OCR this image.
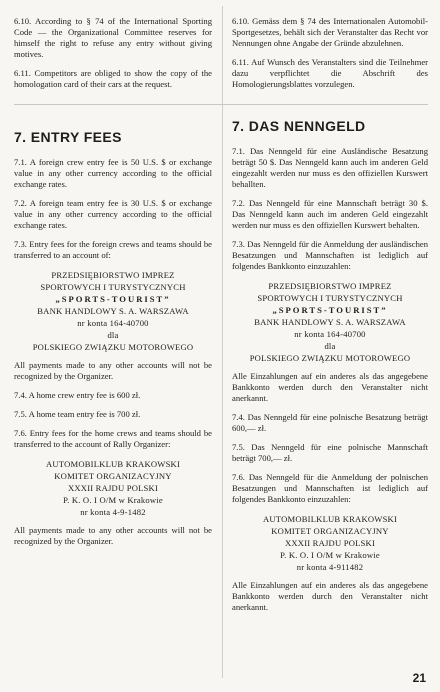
6.10. According to § 74 of the International Sporting Code — the Organizational Committee reserves for himself the right to refuse any entry without giving motives.

6.11. Competitors are obliged to show the copy of the homologation card of their cars at the request.

7. ENTRY FEES

7.1. A foreign crew entry fee is 50 U.S. $ or exchange value in any other currency according to the official exchange rates.

7.2. A foreign team entry fee is 30 U.S. $ or exchange value in any other currency according to the official exchange rates.

7.3. Entry fees for the foreign crews and teams should be transferred to an account of:

PRZEDSIĘBIORSTWO IMPREZ
SPORTOWYCH I TURYSTYCZNYCH
„SPORTS-TOURIST”
BANK HANDLOWY S. A. WARSZAWA
nr konta 164-40700
dla
POLSKIEGO ZWIĄZKU MOTOROWEGO

All payments made to any other accounts will not be recognized by the Organizer.

7.4. A home crew entry fee is 600 zł.

7.5. A home team entry fee is 700 zł.

7.6. Entry fees for the home crews and teams should be transferred to the account of Rally Organizer:

AUTOMOBILKLUB KRAKOWSKI
KOMITET ORGANIZACYJNY
XXXII RAJDU POLSKI
P. K. O. I O/M w Krakowie
nr konta 4-9-1482

All payments made to any other accounts will not be recognized by the Organizer.

6.10. Gemäss dem § 74 des Internationalen Automobil-Sportgesetzes, behält sich der Veranstalter das Recht vor Nennungen ohne Angabe der Gründe abzulehnen.

6.11. Auf Wunsch des Veranstalters sind die Teilnehmer dazu verpflichtet die Abschrift des Homologierungsblattes vorzulegen.

7. DAS NENNGELD

7.1. Das Nenngeld für eine Ausländische Besatzung beträgt 50 $. Das Nenngeld kann auch im anderen Geld eingezahlt werden nur muss es den offiziellen Kurswert behallten.

7.2. Das Nenngeld für eine Mannschaft beträgt 30 $. Das Nenngeld kann auch im anderen Geld eingezahlt werden nur muss es den offiziellen Kurswert behalten.

7.3. Das Nenngeld für die Anmeldung der ausländischen Besatzungen und Mannschaften ist lediglich auf folgendes Bankkonto einzuzahlen:

PRZEDSIĘBIORSTWO IMPREZ
SPORTOWYCH I TURYSTYCZNYCH
„SPORTS-TOURIST”
BANK HANDLOWY S. A. WARSZAWA
nr konta 164-40700
dla
POLSKIEGO ZWIĄZKU MOTOROWEGO

Alle Einzahlungen auf ein anderes als das angegebene Bankkonto werden durch den Veranstalter nicht anerkannt.

7.4. Das Nenngeld für eine polnische Besatzung beträgt 600,— zł.

7.5. Das Nenngeld für eine polnische Mannschaft beträgt 700,— zł.

7.6. Das Nenngeld für die Anmeldung der polnischen Besatzungen und Mannschaften ist lediglich auf folgendes Bankkonto einzuzahlen:

AUTOMOBILKLUB KRAKOWSKI
KOMITET ORGANIZACYJNY
XXXII RAJDU POLSKI
P. K. O. I O/M w Krakowie
nr konta 4-911482

Alle Einzahlungen auf ein anderes als das angegebene Bankkonto werden durch den Veranstalter nicht anerkannt.

21
